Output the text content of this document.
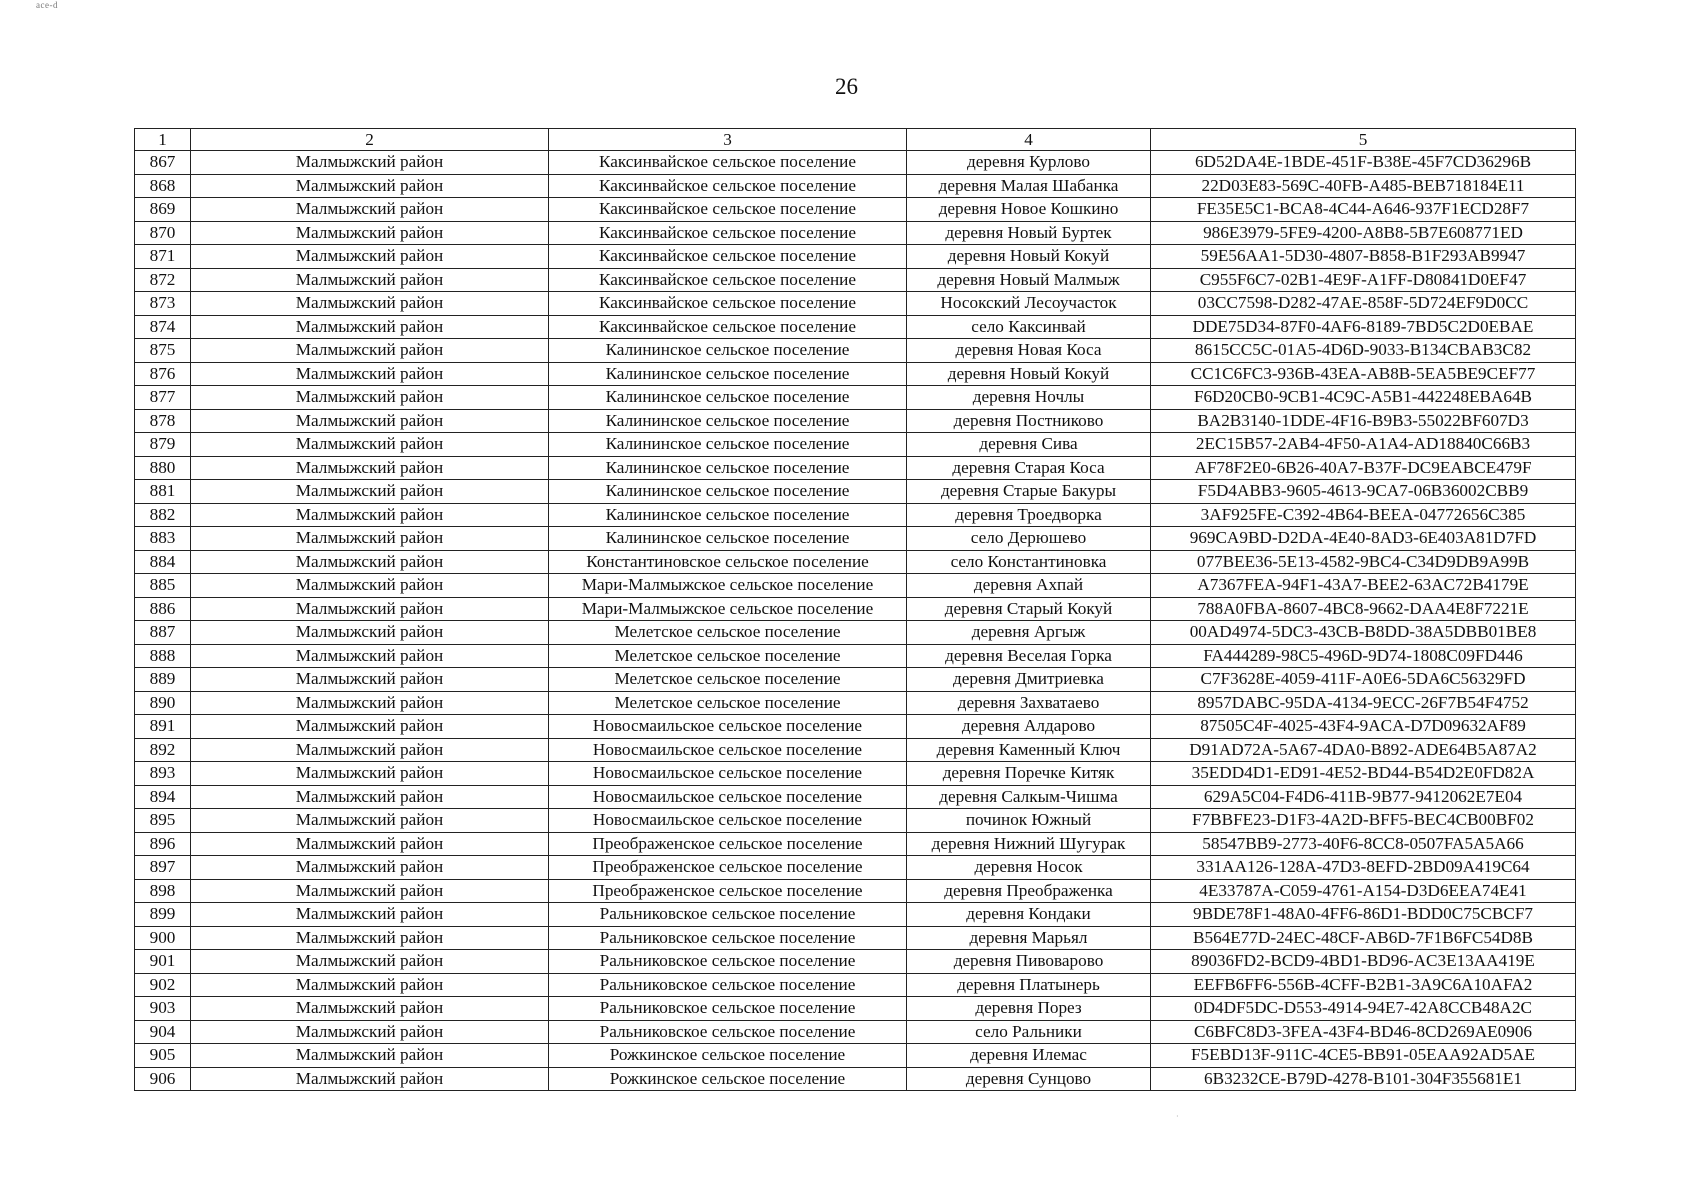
ace-d
26
1	2	3	4	5
867	Малмыжский район	Каксинвайское сельское поселение	деревня Курлово	6D52DA4E-1BDE-451F-B38E-45F7CD36296B
868	Малмыжский район	Каксинвайское сельское поселение	деревня Малая Шабанка	22D03E83-569C-40FB-A485-BEB718184E11
869	Малмыжский район	Каксинвайское сельское поселение	деревня Новое Кошкино	FE35E5C1-BCA8-4C44-A646-937F1ECD28F7
870	Малмыжский район	Каксинвайское сельское поселение	деревня Новый Буртек	986E3979-5FE9-4200-A8B8-5B7E608771ED
871	Малмыжский район	Каксинвайское сельское поселение	деревня Новый Кокуй	59E56AA1-5D30-4807-B858-B1F293AB9947
872	Малмыжский район	Каксинвайское сельское поселение	деревня Новый Малмыж	C955F6C7-02B1-4E9F-A1FF-D80841D0EF47
873	Малмыжский район	Каксинвайское сельское поселение	Носокский Лесоучасток	03CC7598-D282-47AE-858F-5D724EF9D0CC
874	Малмыжский район	Каксинвайское сельское поселение	село Каксинвай	DDE75D34-87F0-4AF6-8189-7BD5C2D0EBAE
875	Малмыжский район	Калининское сельское поселение	деревня Новая Коса	8615CC5C-01A5-4D6D-9033-B134CBAB3C82
876	Малмыжский район	Калининское сельское поселение	деревня Новый Кокуй	CC1C6FC3-936B-43EA-AB8B-5EA5BE9CEF77
877	Малмыжский район	Калининское сельское поселение	деревня Ночлы	F6D20CB0-9CB1-4C9C-A5B1-442248EBA64B
878	Малмыжский район	Калининское сельское поселение	деревня Постниково	BA2B3140-1DDE-4F16-B9B3-55022BF607D3
879	Малмыжский район	Калининское сельское поселение	деревня Сива	2EC15B57-2AB4-4F50-A1A4-AD18840C66B3
880	Малмыжский район	Калининское сельское поселение	деревня Старая Коса	AF78F2E0-6B26-40A7-B37F-DC9EABCE479F
881	Малмыжский район	Калининское сельское поселение	деревня Старые Бакуры	F5D4ABB3-9605-4613-9CA7-06B36002CBB9
882	Малмыжский район	Калининское сельское поселение	деревня Троедворка	3AF925FE-C392-4B64-BEEA-04772656C385
883	Малмыжский район	Калининское сельское поселение	село Дерюшево	969CA9BD-D2DA-4E40-8AD3-6E403A81D7FD
884	Малмыжский район	Константиновское сельское поселение	село Константиновка	077BEE36-5E13-4582-9BC4-C34D9DB9A99B
885	Малмыжский район	Мари-Малмыжское сельское поселение	деревня Ахпай	A7367FEA-94F1-43A7-BEE2-63AC72B4179E
886	Малмыжский район	Мари-Малмыжское сельское поселение	деревня Старый Кокуй	788A0FBA-8607-4BC8-9662-DAA4E8F7221E
887	Малмыжский район	Мелетское сельское поселение	деревня Аргыж	00AD4974-5DC3-43CB-B8DD-38A5DBB01BE8
888	Малмыжский район	Мелетское сельское поселение	деревня Веселая Горка	FA444289-98C5-496D-9D74-1808C09FD446
889	Малмыжский район	Мелетское сельское поселение	деревня Дмитриевка	C7F3628E-4059-411F-A0E6-5DA6C56329FD
890	Малмыжский район	Мелетское сельское поселение	деревня Захватаево	8957DABC-95DA-4134-9ECC-26F7B54F4752
891	Малмыжский район	Новосмаильское сельское поселение	деревня Алдарово	87505C4F-4025-43F4-9ACA-D7D09632AF89
892	Малмыжский район	Новосмаильское сельское поселение	деревня Каменный Ключ	D91AD72A-5A67-4DA0-B892-ADE64B5A87A2
893	Малмыжский район	Новосмаильское сельское поселение	деревня Поречке Китяк	35EDD4D1-ED91-4E52-BD44-B54D2E0FD82A
894	Малмыжский район	Новосмаильское сельское поселение	деревня Салкым-Чишма	629A5C04-F4D6-411B-9B77-9412062E7E04
895	Малмыжский район	Новосмаильское сельское поселение	починок Южный	F7BBFE23-D1F3-4A2D-BFF5-BEC4CB00BF02
896	Малмыжский район	Преображенское сельское поселение	деревня Нижний Шугурак	58547BB9-2773-40F6-8CC8-0507FA5A5A66
897	Малмыжский район	Преображенское сельское поселение	деревня Носок	331AA126-128A-47D3-8EFD-2BD09A419C64
898	Малмыжский район	Преображенское сельское поселение	деревня Преображенка	4E33787A-C059-4761-A154-D3D6EEA74E41
899	Малмыжский район	Ральниковское сельское поселение	деревня Кондаки	9BDE78F1-48A0-4FF6-86D1-BDD0C75CBCF7
900	Малмыжский район	Ральниковское сельское поселение	деревня Марьял	B564E77D-24EC-48CF-AB6D-7F1B6FC54D8B
901	Малмыжский район	Ральниковское сельское поселение	деревня Пивоварово	89036FD2-BCD9-4BD1-BD96-AC3E13AA419E
902	Малмыжский район	Ральниковское сельское поселение	деревня Платынерь	EEFB6FF6-556B-4CFF-B2B1-3A9C6A10AFA2
903	Малмыжский район	Ральниковское сельское поселение	деревня Порез	0D4DF5DC-D553-4914-94E7-42A8CCB48A2C
904	Малмыжский район	Ральниковское сельское поселение	село Ральники	C6BFC8D3-3FEA-43F4-BD46-8CD269AE0906
905	Малмыжский район	Рожкинское сельское поселение	деревня Илемас	F5EBD13F-911C-4CE5-BB91-05EAA92AD5AE
906	Малмыжский район	Рожкинское сельское поселение	деревня Сунцово	6B3232CE-B79D-4278-B101-304F355681E1
·
